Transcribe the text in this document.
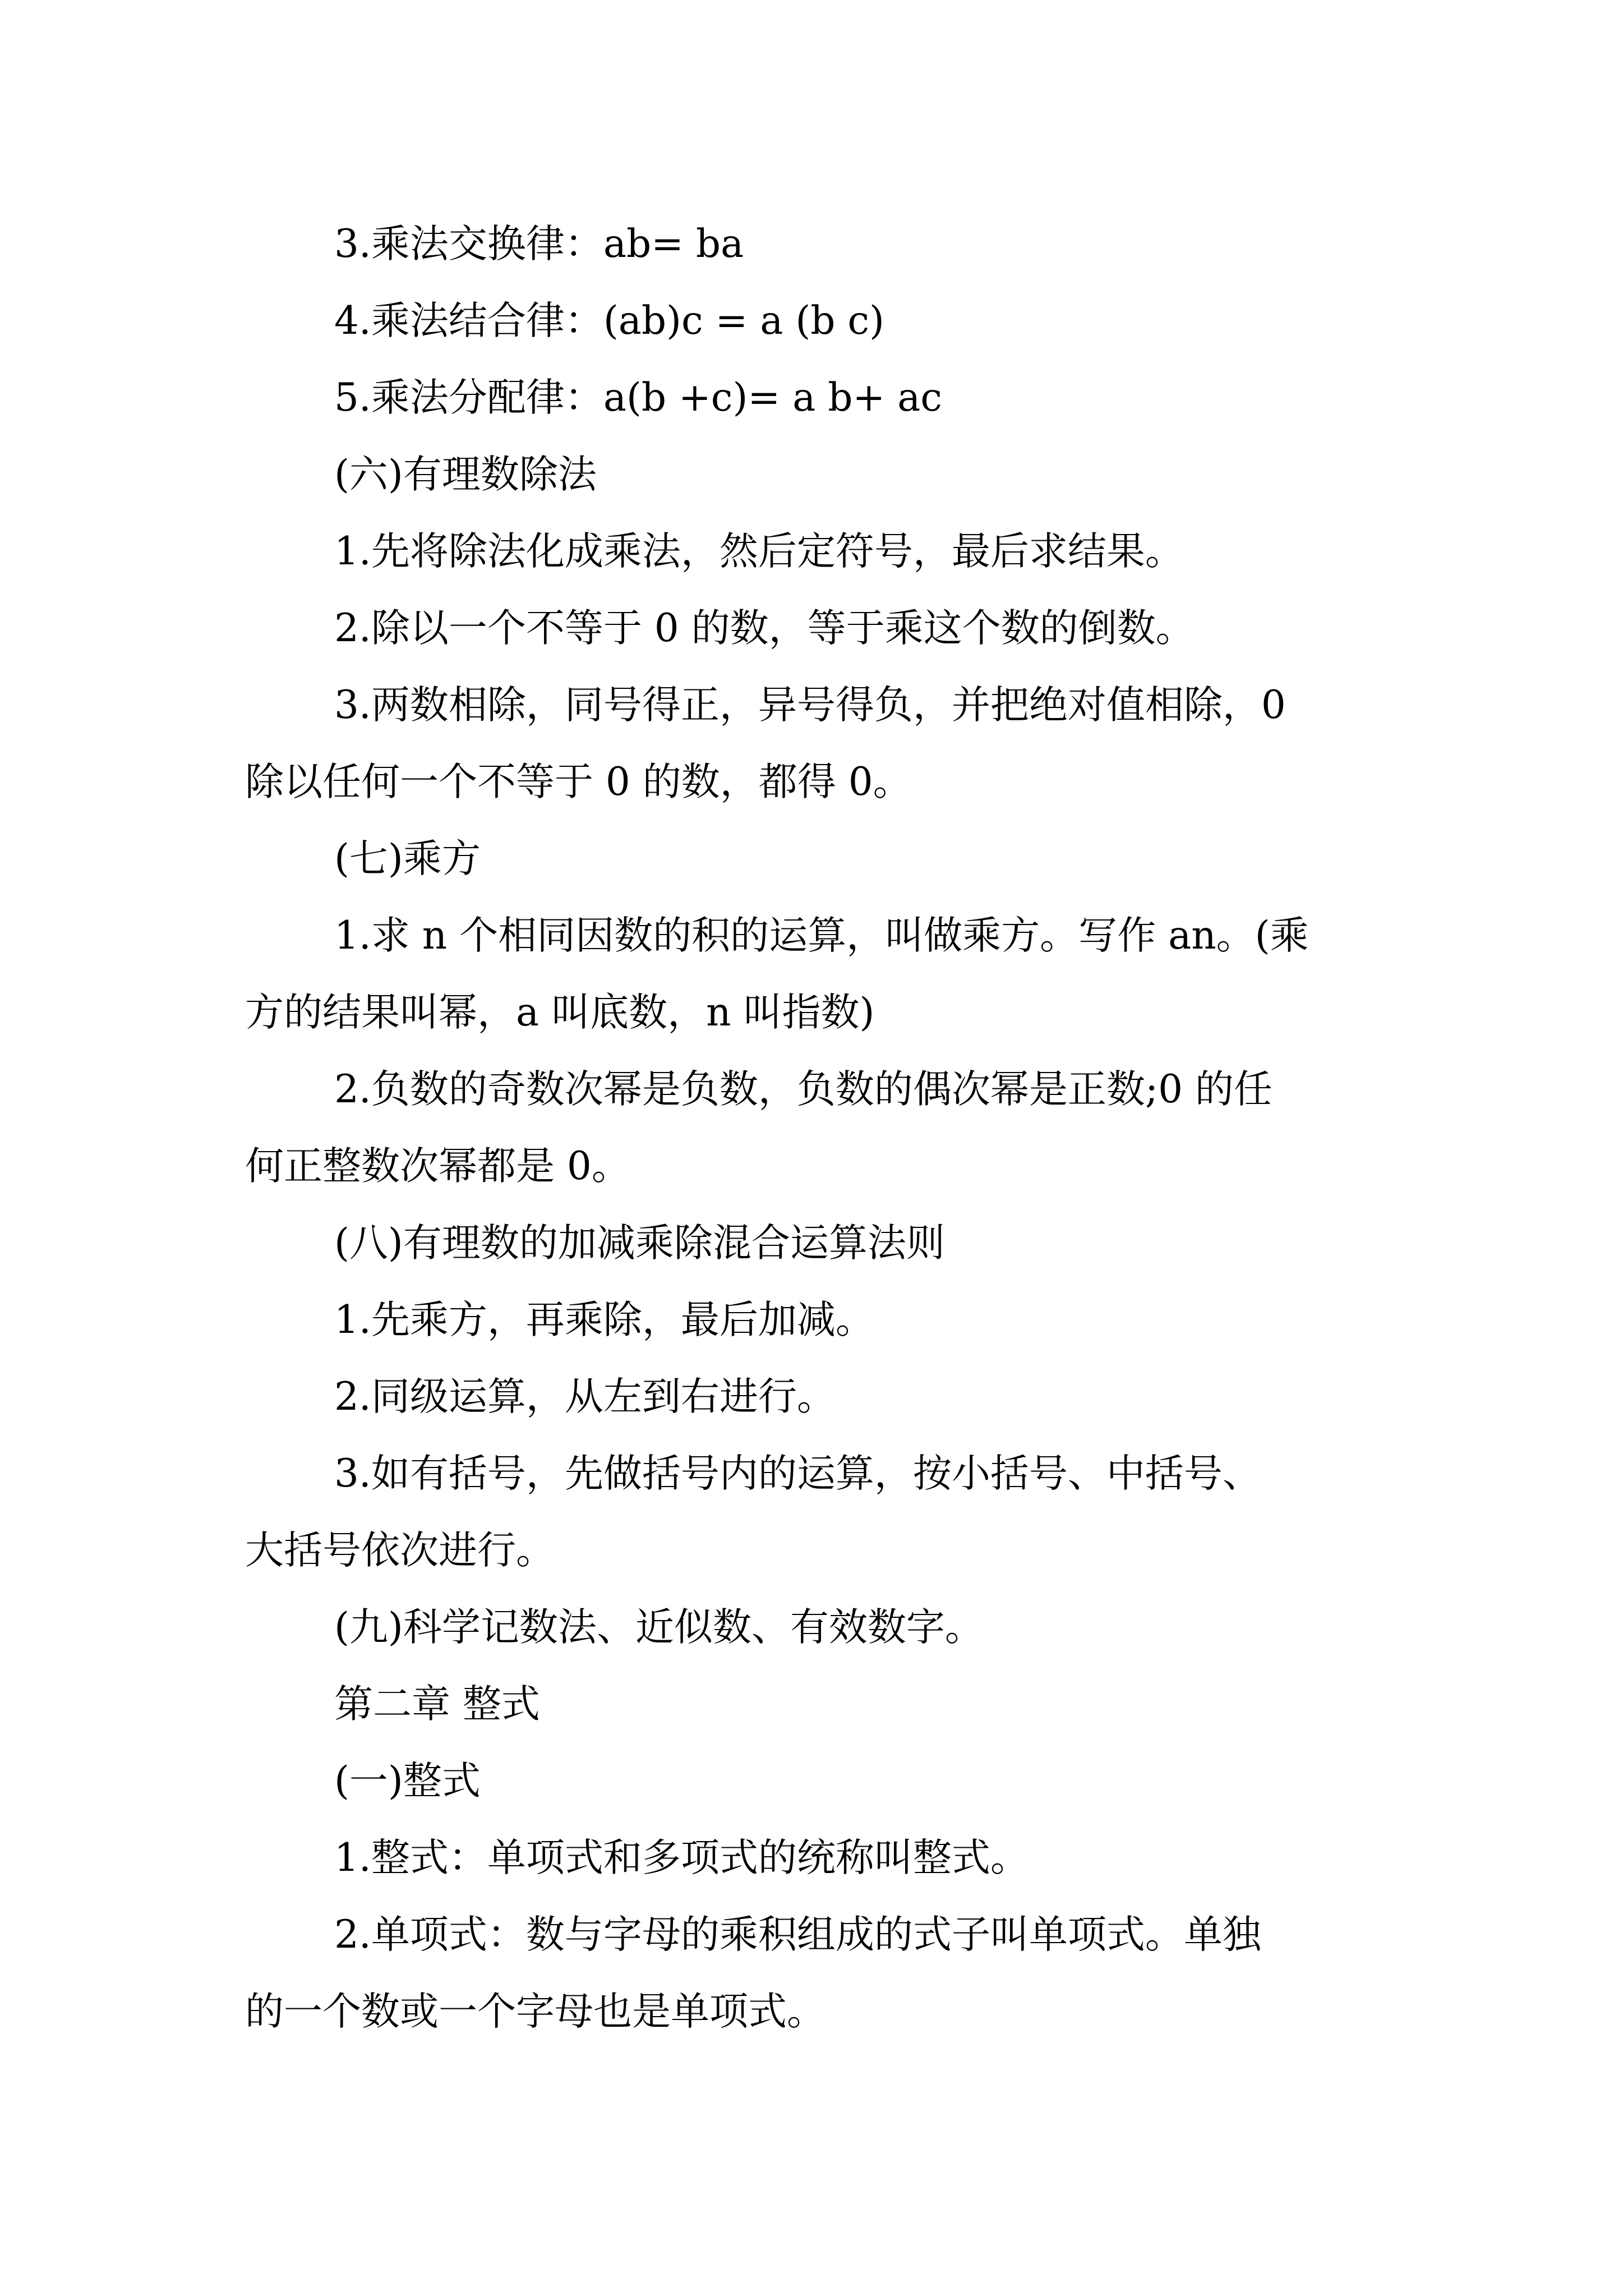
3.乘法交换律：ab= ba
4.乘法结合律：(ab)c = a (b c)
5.乘法分配律：a(b +c)= a b+ ac
(六)有理数除法
1.先将除法化成乘法，然后定符号，最后求结果。
2.除以一个不等于 0 的数，等于乘这个数的倒数。
3.两数相除，同号得正，异号得负，并把绝对值相除，0
除以任何一个不等于 0 的数，都得 0。
(七)乘方
1.求 n 个相同因数的积的运算，叫做乘方。写作 an。(乘
方的结果叫幂，a 叫底数，n 叫指数)
2.负数的奇数次幂是负数，负数的偶次幂是正数;0 的任
何正整数次幂都是 0。
(八)有理数的加减乘除混合运算法则
1.先乘方，再乘除，最后加减。
2.同级运算，从左到右进行。
3.如有括号，先做括号内的运算，按小括号、中括号、
大括号依次进行。
(九)科学记数法、近似数、有效数字。
第二章 整式
(一)整式
1.整式：单项式和多项式的统称叫整式。
2.单项式：数与字母的乘积组成的式子叫单项式。单独
的一个数或一个字母也是单项式。
